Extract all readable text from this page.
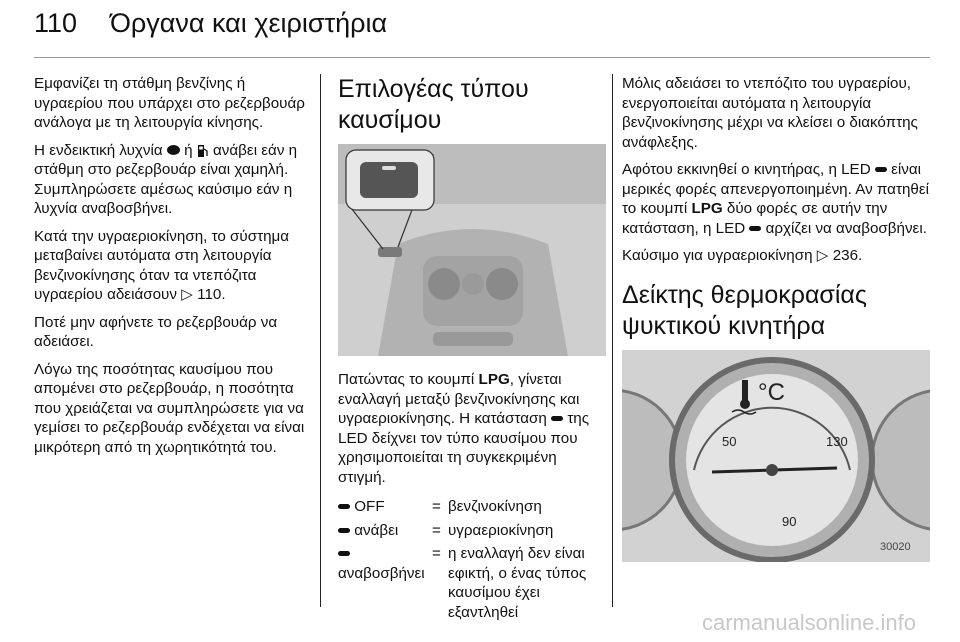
110 Όργανα και χειριστήρια

Εμφανίζει τη στάθμη βενζίνης ή υγραερίου που υπάρχει στο ρεζερβουάρ ανάλογα με τη λειτουργία κίνησης.

Η ενδεικτική λυχνία ή ανάβει εάν η στάθμη στο ρεζερβουάρ είναι χαμηλή. Συμπληρώσετε αμέσως καύσιμο εάν η λυχνία αναβοσβήνει.

Κατά την υγραεριοκίνηση, το σύστημα μεταβαίνει αυτόματα στη λειτουργία βενζινοκίνησης όταν τα ντεπόζιτα υγραερίου αδειάσουν ▷ 110.

Ποτέ μην αφήνετε το ρεζερβουάρ να αδειάσει.

Λόγω της ποσότητας καυσίμου που απομένει στο ρεζερβουάρ, η ποσότητα που χρειάζεται να συμπληρώσετε για να γεμίσει το ρεζερβουάρ ενδέχεται να είναι μικρότερη από τη χωρητικότητά του.

Επιλογέας τύπου
καυσίμου

Πατώντας το κουμπί LPG, γίνεται εναλλαγή μεταξύ βενζινοκίνησης και υγραεριοκίνησης. Η κατάσταση της LED δείχνει τον τύπο καυσίμου που χρησιμοποιείται τη συγκεκριμένη στιγμή.

OFF	=	βενζινοκίνηση
ανάβει	=	υγραεριοκίνηση
αναβοσβήνει	=	η εναλλαγή δεν είναι εφικτή, ο ένας τύπος καυσίμου έχει εξαντληθεί

Μόλις αδειάσει το ντεπόζιτο του υγραερίου, ενεργοποιείται αυτόματα η λειτουργία βενζινοκίνησης μέχρι να κλείσει ο διακόπτης ανάφλεξης.

Αφότου εκκινηθεί ο κινητήρας, η LED είναι μερικές φορές απενεργοποιημένη. Αν πατηθεί το κουμπί LPG δύο φορές σε αυτήν την κατάσταση, η LED αρχίζει να αναβοσβήνει.

Καύσιμο για υγραεριοκίνηση ▷ 236.

Δείκτης θερμοκρασίας
ψυκτικού κινητήρα
°C
50
90
130
30020
carmanualsonline.info
